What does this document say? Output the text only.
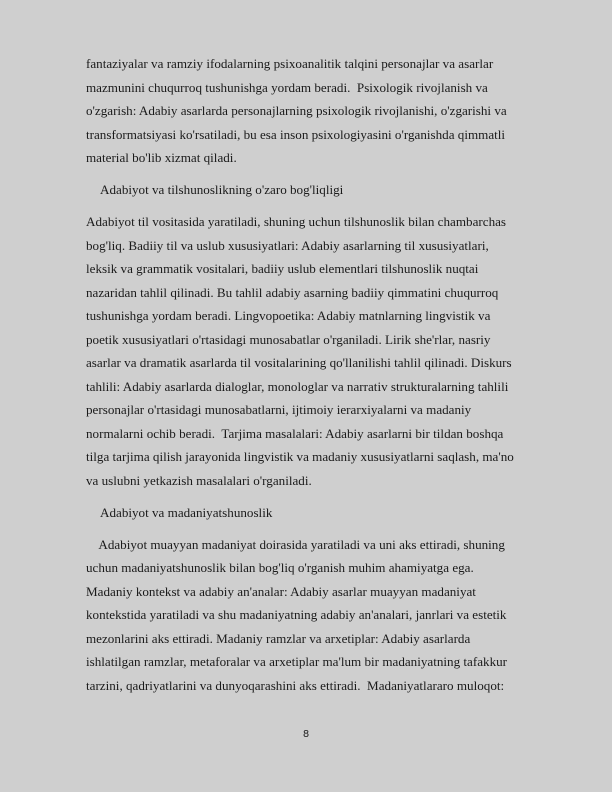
fantaziyalar va ramziy ifodalarning psixoanalitik talqini personajlar va asarlar
mazmunini chuqurroq tushunishga yordam beradi.  Psixologik rivojlanish va
o'zgarish: Adabiy asarlarda personajlarning psixologik rivojlanishi, o'zgarishi va
transformatsiyasi ko'rsatiladi, bu esa inson psixologiyasini o'rganishda qimmatli
material bo'lib xizmat qiladi.
Adabiyot va tilshunoslikning o'zaro bog'liqligi
Adabiyot til vositasida yaratiladi, shuning uchun tilshunoslik bilan chambarchas
bog'liq. Badiiy til va uslub xususiyatlari: Adabiy asarlarning til xususiyatlari,
leksik va grammatik vositalari, badiiy uslub elementlari tilshunoslik nuqtai
nazaridan tahlil qilinadi. Bu tahlil adabiy asarning badiiy qimmatini chuqurroq
tushunishga yordam beradi. Lingvopoetika: Adabiy matnlarning lingvistik va
poetik xususiyatlari o'rtasidagi munosabatlar o'rganiladi. Lirik she'rlar, nasriy
asarlar va dramatik asarlarda til vositalarining qo'llanilishi tahlil qilinadi. Diskurs
tahlili: Adabiy asarlarda dialoglar, monologlar va narrativ strukturalarning tahlili
personajlar o'rtasidagi munosabatlarni, ijtimoiy ierarxiyalarni va madaniy
normalarni ochib beradi.  Tarjima masalalari: Adabiy asarlarni bir tildan boshqa
tilga tarjima qilish jarayonida lingvistik va madaniy xususiyatlarni saqlash, ma'no
va uslubni yetkazish masalalari o'rganiladi.
Adabiyot va madaniyatshunoslik
Adabiyot muayyan madaniyat doirasida yaratiladi va uni aks ettiradi, shuning
uchun madaniyatshunoslik bilan bog'liq o'rganish muhim ahamiyatga ega.
Madaniy kontekst va adabiy an'analar: Adabiy asarlar muayyan madaniyat
kontekstida yaratiladi va shu madaniyatning adabiy an'analari, janrlari va estetik
mezonlarini aks ettiradi. Madaniy ramzlar va arxetiplar: Adabiy asarlarda
ishlatilgan ramzlar, metaforalar va arxetiplar ma'lum bir madaniyatning tafakkur
tarzini, qadriyatlarini va dunyoqarashini aks ettiradi.  Madaniyatlararo muloqot:
8
